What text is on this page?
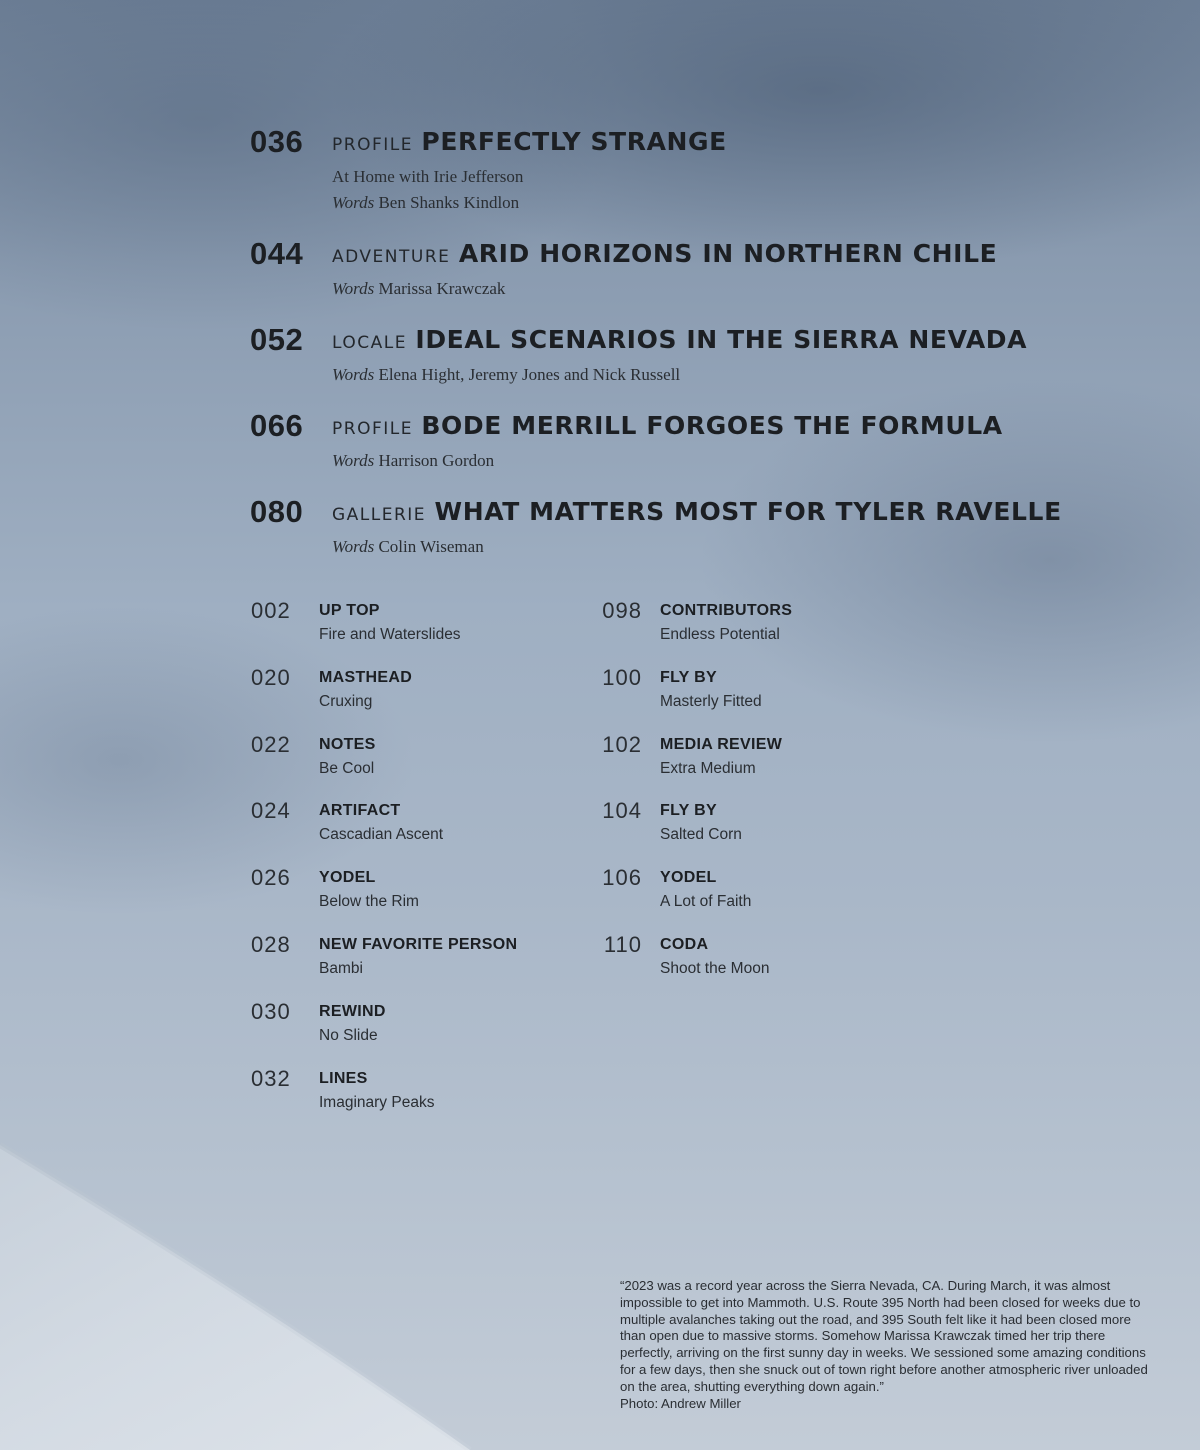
036 PROFILE PERFECTLY STRANGE
At Home with Irie Jefferson
Words Ben Shanks Kindlon
044 ADVENTURE ARID HORIZONS IN NORTHERN CHILE
Words Marissa Krawczak
052 LOCALE IDEAL SCENARIOS IN THE SIERRA NEVADA
Words Elena Hight, Jeremy Jones and Nick Russell
066 PROFILE BODE MERRILL FORGOES THE FORMULA
Words Harrison Gordon
080 GALLERIE WHAT MATTERS MOST FOR TYLER RAVELLE
Words Colin Wiseman
002	UP TOP
Fire and Waterslides
020	MASTHEAD
Cruxing
022	NOTES
Be Cool
024	ARTIFACT
Cascadian Ascent
026	YODEL
Below the Rim
028	NEW FAVORITE PERSON
Bambi
030	REWIND
No Slide
032	LINES
Imaginary Peaks
098 CONTRIBUTORS
Endless Potential
100 FLY BY
Masterly Fitted
102 MEDIA REVIEW
Extra Medium
104 FLY BY
Salted Corn
106 YODEL
A Lot of Faith
110 CODA
Shoot the Moon

“2023 was a record year across the Sierra Nevada, CA. During March, it was almost impossible to get into Mammoth. U.S. Route 395 North had been closed for weeks due to multiple avalanches taking out the road, and 395 South felt like it had been closed more than open due to massive storms. Somehow Marissa Krawczak timed her trip there perfectly, arriving on the first sunny day in weeks. We sessioned some amazing conditions for a few days, then she snuck out of town right before another atmospheric river unloaded on the area, shutting everything down again.”

Photo: Andrew Miller
